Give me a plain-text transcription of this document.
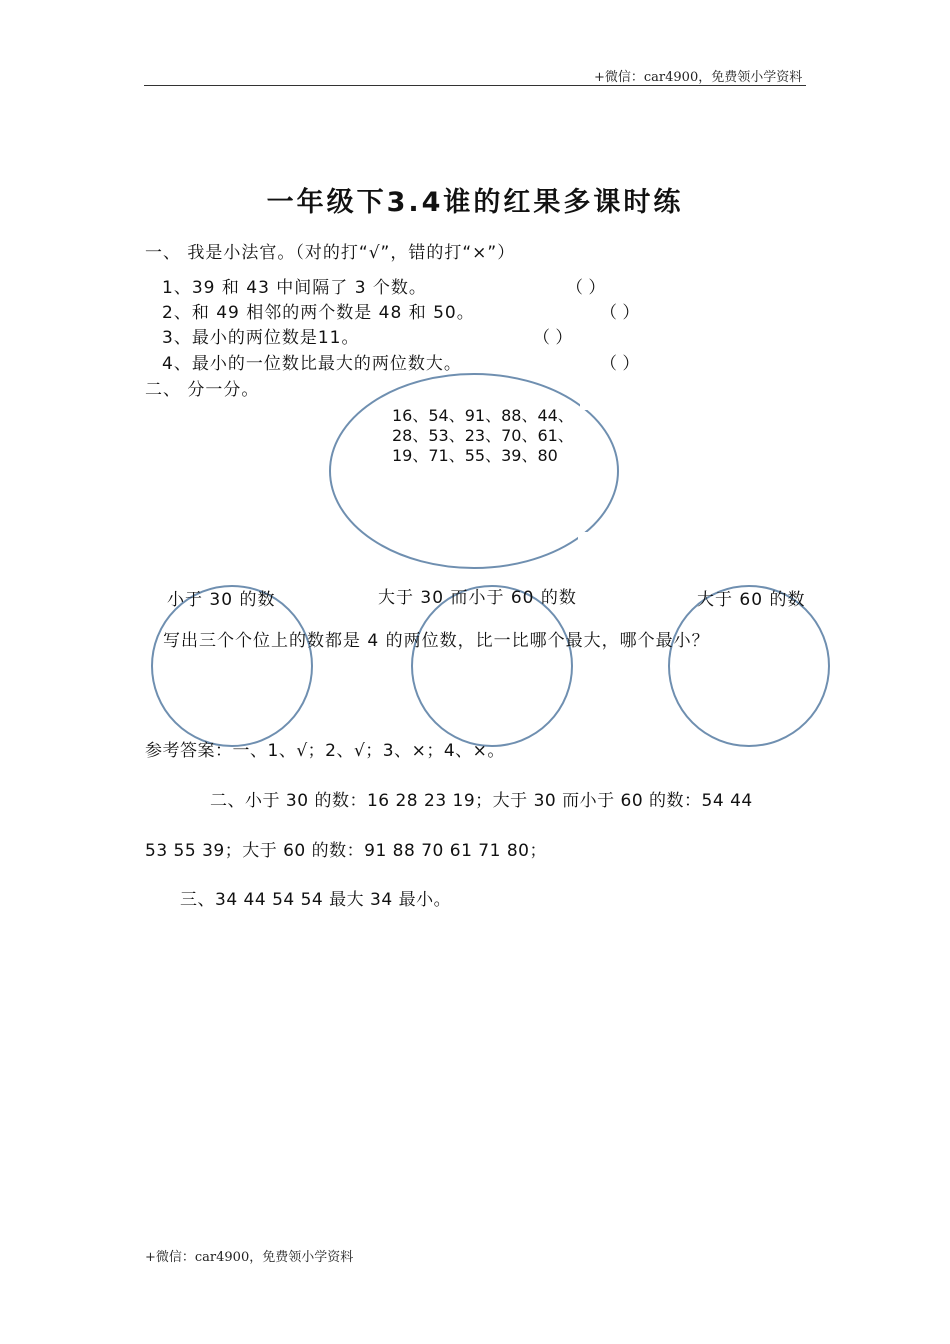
+微信：car4900，免费领小学资料
一年级下3.4谁的红果多课时练
一、 我是小法官。（对的打“√”，错的打“×”）
1、39 和 43 中间隔了 3 个数。	（ ）
2、和 49 相邻的两个数是 48 和 50。	（ ）
3、最小的两位数是11。	（ ）
4、最小的一位数比最大的两位数大。	（ ）
二、 分一分。
16、54、91、88、44、
28、53、23、70、61、
19、71、55、39、80
小于 30 的数	大于 30 而小于 60 的数	大于 60 的数
写出三个个位上的数都是 4 的两位数，比一比哪个最大，哪个最小？
参考答案：一、1、√；2、√；3、×；4、×。
二、小于 30 的数：16 28 23 19；大于 30 而小于 60 的数：54 44
53 55 39；大于 60 的数：91 88 70 61 71 80；
三、34 44 54 54 最大 34 最小。
+微信：car4900，免费领小学资料
